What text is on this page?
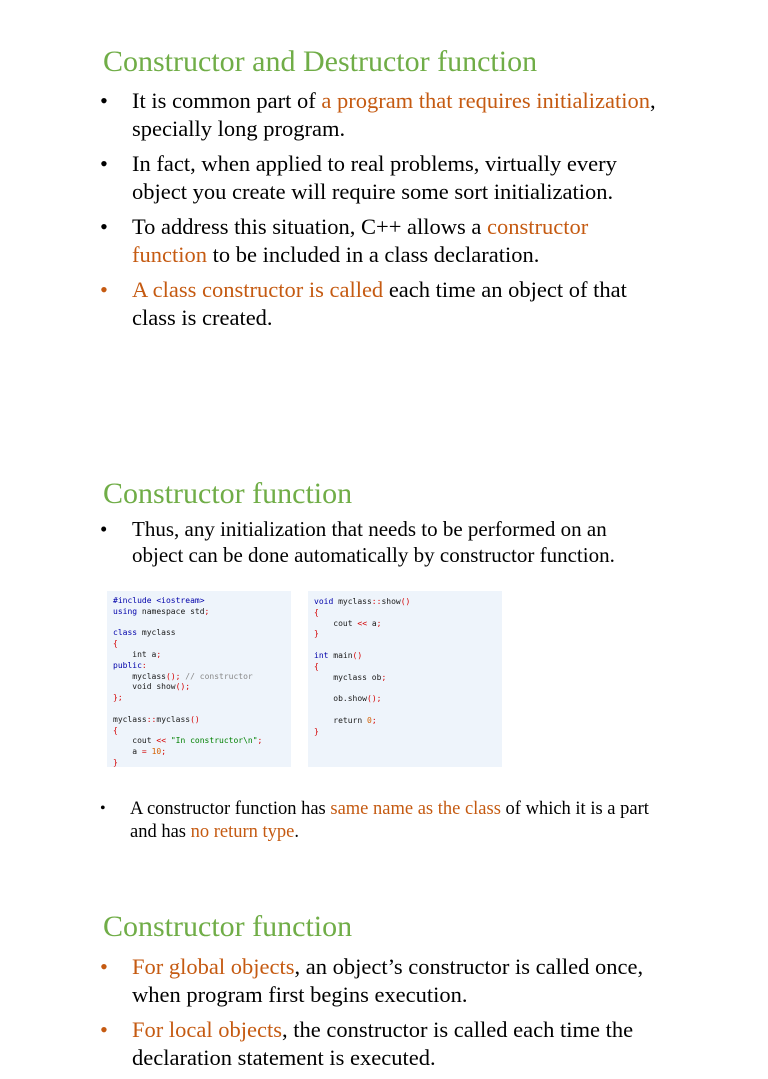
Constructor and Destructor function
• It is common part of a program that requires initialization, specially long program.
• In fact, when applied to real problems, virtually every object you create will require some sort initialization.
• To address this situation, C++ allows a constructor function to be included in a class declaration.
• A class constructor is called each time an object of that class is created.
Constructor function
• Thus, any initialization that needs to be performed on an object can be done automatically by constructor function.
#include <iostream>
using namespace std;
class myclass
{
int a;
public:
myclass(); // constructor
void show();
};
myclass::myclass()
{
cout << "In constructor\n";
a = 10;
}
void myclass::show()
{
cout << a;
}
int main()
{
myclass ob;
ob.show();
return 0;
}
• A constructor function has same name as the class of which it is a part and has no return type.
Constructor function
• For global objects, an object’s constructor is called once, when program first begins execution.
• For local objects, the constructor is called each time the declaration statement is executed.
